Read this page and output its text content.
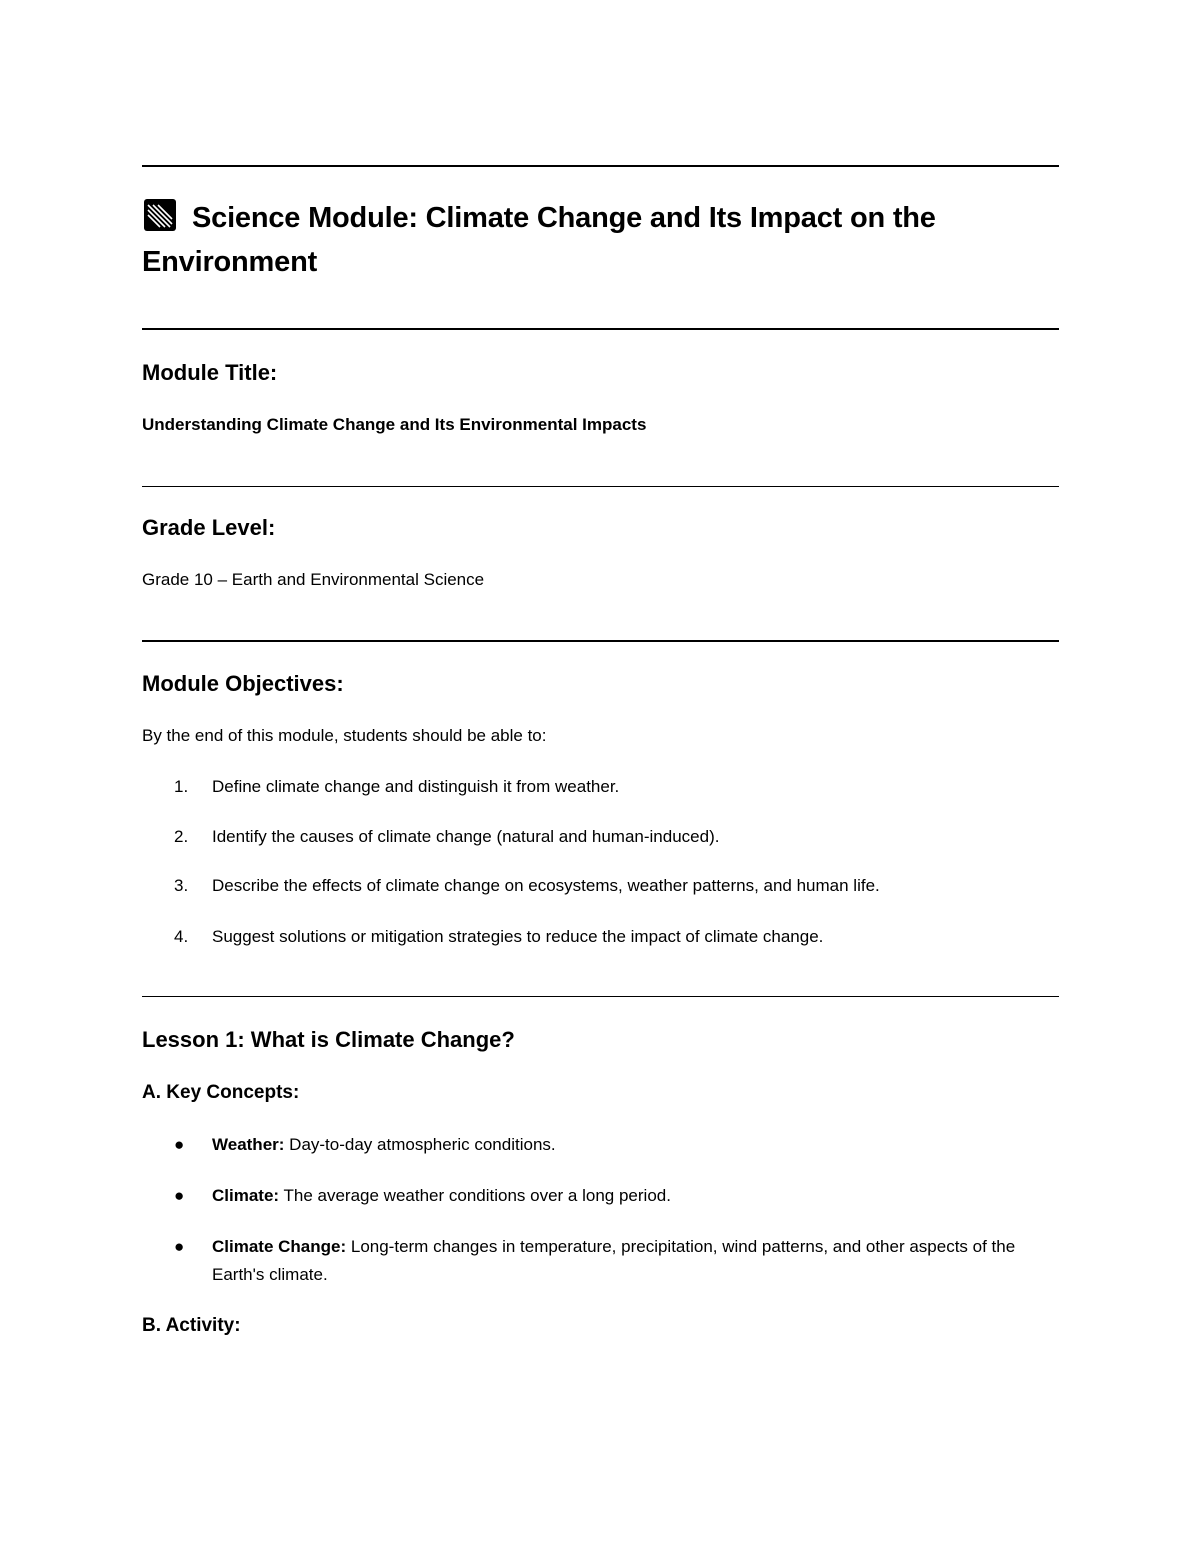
Science Module: Climate Change and Its Impact on the Environment
Module Title:
Understanding Climate Change and Its Environmental Impacts
Grade Level:
Grade 10 – Earth and Environmental Science
Module Objectives:
By the end of this module, students should be able to:
1.	Define climate change and distinguish it from weather.
2.	Identify the causes of climate change (natural and human-induced).
3.	Describe the effects of climate change on ecosystems, weather patterns, and human life.
4.	Suggest solutions or mitigation strategies to reduce the impact of climate change.
Lesson 1: What is Climate Change?
A. Key Concepts:
● Weather: Day-to-day atmospheric conditions.
● Climate: The average weather conditions over a long period.
● Climate Change: Long-term changes in temperature, precipitation, wind patterns, and other aspects of the Earth's climate.
B. Activity:
